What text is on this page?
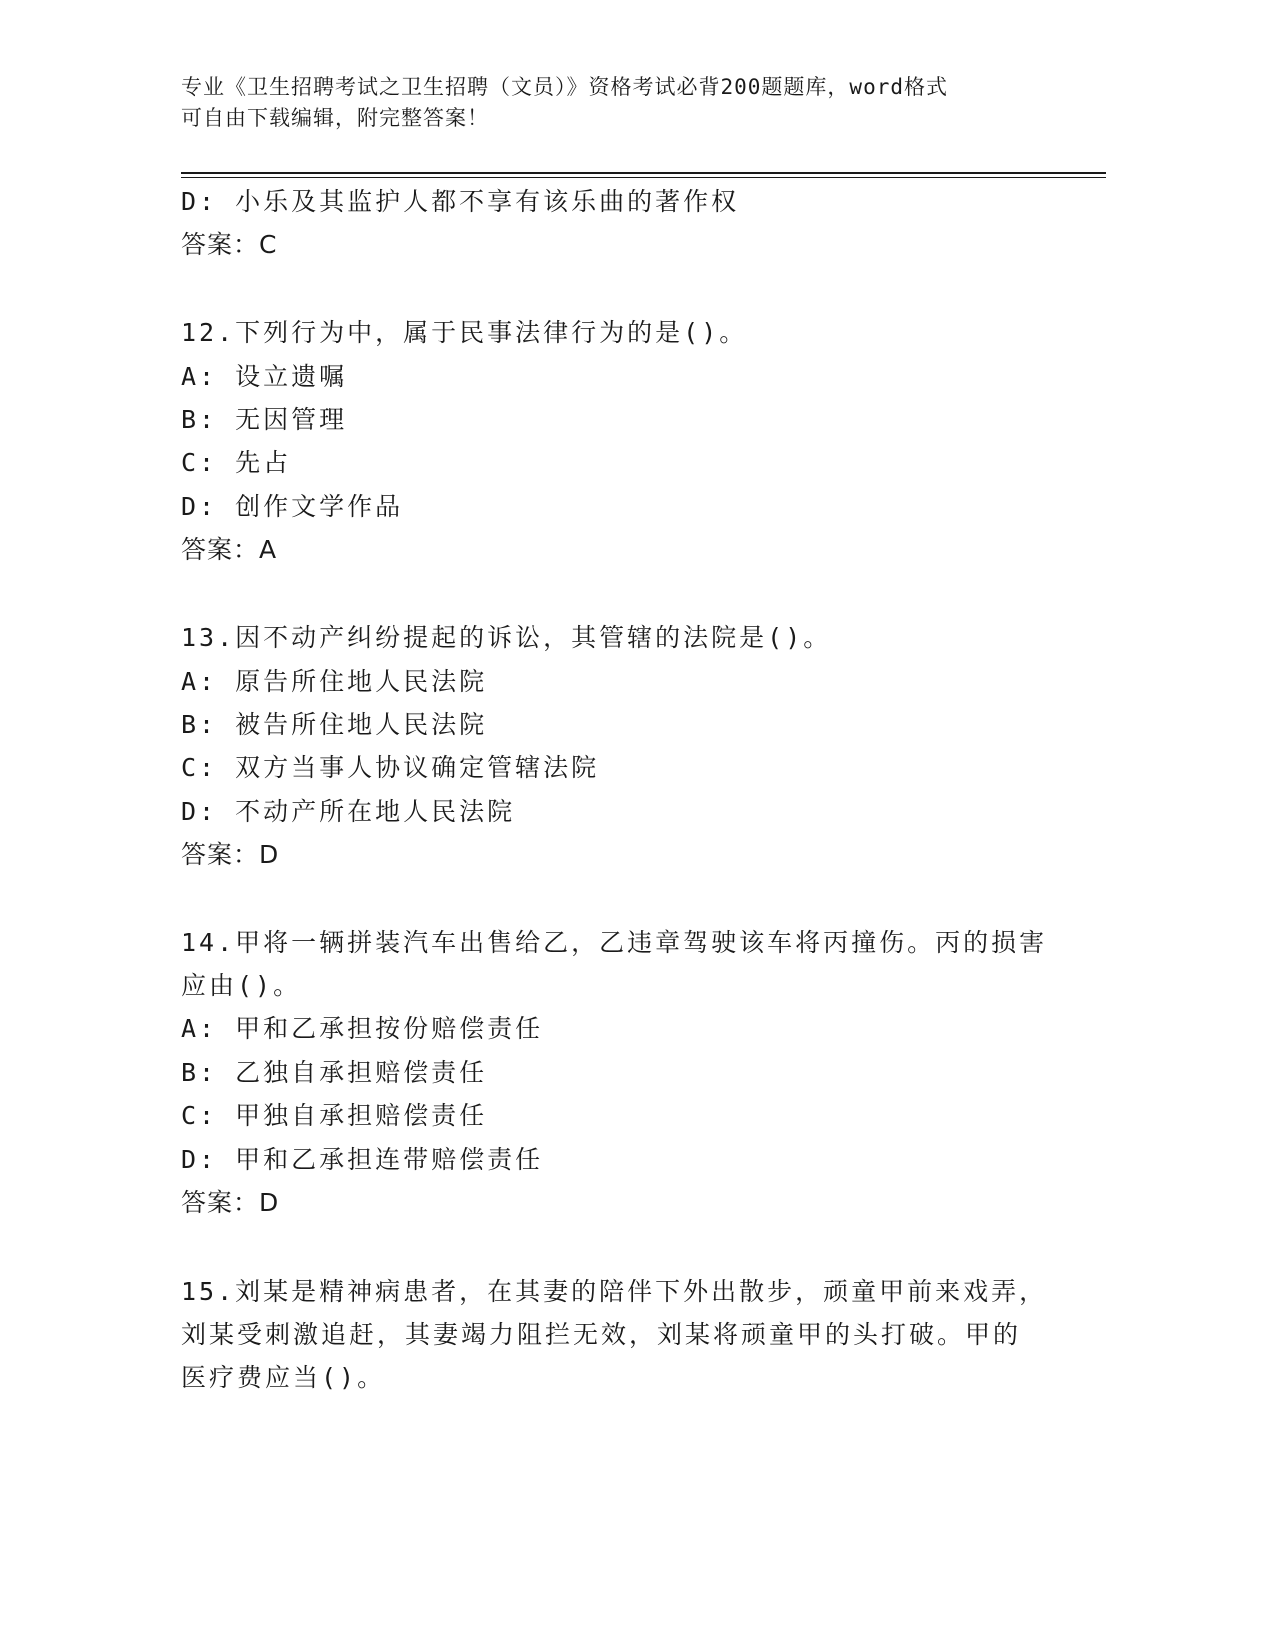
专业《卫生招聘考试之卫生招聘（文员）》资格考试必背200题题库，word格式
可自由下载编辑，附完整答案！
D: 小乐及其监护人都不享有该乐曲的著作权
答案：C
12.下列行为中，属于民事法律行为的是()。
A: 设立遗嘱
B: 无因管理
C: 先占
D: 创作文学作品
答案：A
13.因不动产纠纷提起的诉讼，其管辖的法院是()。
A: 原告所住地人民法院
B: 被告所住地人民法院
C: 双方当事人协议确定管辖法院
D: 不动产所在地人民法院
答案：D
14.甲将一辆拼装汽车出售给乙，乙违章驾驶该车将丙撞伤。丙的损害
应由()。
A: 甲和乙承担按份赔偿责任
B: 乙独自承担赔偿责任
C: 甲独自承担赔偿责任
D: 甲和乙承担连带赔偿责任
答案：D
15.刘某是精神病患者，在其妻的陪伴下外出散步，顽童甲前来戏弄，
刘某受刺激追赶，其妻竭力阻拦无效，刘某将顽童甲的头打破。甲的
医疗费应当()。
